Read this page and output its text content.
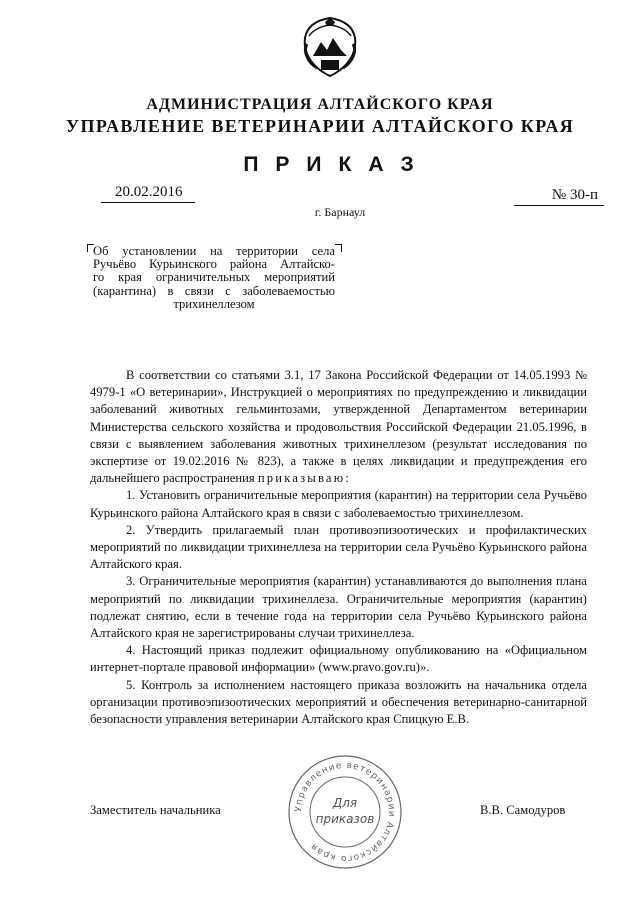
АДМИНИСТРАЦИЯ АЛТАЙСКОГО КРАЯ
УПРАВЛЕНИЕ ВЕТЕРИНАРИИ АЛТАЙСКОГО КРАЯ
ПРИКАЗ
20.02.2016	№ 30-п
г. Барнаул
Об установлении на территории села
Ручьёво Курьинского района Алтайско-
го края ограничительных мероприятий
(карантина) в связи с заболеваемостью
трихинеллезом

В соответствии со статьями 3.1, 17 Закона Российской Федерации от 14.05.1993 № 4979-1 «О ветеринарии», Инструкцией о мероприятиях по предупреждению и ликвидации заболеваний животных гельминтозами, утвержденной Департаментом ветеринарии Министерства сельского хозяйства и продовольствия Российской Федерации 21.05.1996, в связи с выявлением заболевания животных трихинеллезом (результат исследования по экспертизе от 19.02.2016 № 823), а также в целях ликвидации и предупреждения его дальнейшего распространения приказываю:

1. Установить ограничительные мероприятия (карантин) на территории села Ручьёво Курьинского района Алтайского края в связи с заболеваемостью трихинеллезом.

2. Утвердить прилагаемый план противоэпизоотических и профилактических мероприятий по ликвидации трихинеллеза на территории села Ручьёво Курьинского района Алтайского края.

3. Ограничительные мероприятия (карантин) устанавливаются до выполнения плана мероприятий по ликвидации трихинеллеза. Ограничительные мероприятия (карантин) подлежат снятию, если в течение года на территории села Ручьёво Курьинского района Алтайского края не зарегистрированы случаи трихинеллеза.

4. Настоящий приказ подлежит официальному опубликованию на «Официальном интернет-портале правовой информации» (www.pravo.gov.ru)».

5. Контроль за исполнением настоящего приказа возложить на начальника отдела организации противоэпизоотических мероприятий и обеспечения ветеринарно-санитарной безопасности управления ветеринарии Алтайского края Спицкую Е.В.

Управление ветеринарии Алтайского края
Для
приказов
Заместитель начальника	В.В. Самодуров
